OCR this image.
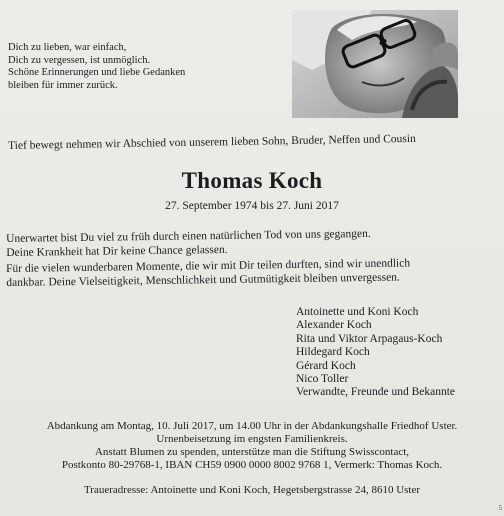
Dich zu lieben, war einfach,
Dich zu vergessen, ist unmöglich.
Schöne Erinnerungen und liebe Gedanken
bleiben für immer zurück.
Tief bewegt nehmen wir Abschied von unserem lieben Sohn, Bruder, Neffen und Cousin
Thomas Koch
27. September 1974 bis 27. Juni 2017
Unerwartet bist Du viel zu früh durch einen natürlichen Tod von uns gegangen.
Deine Krankheit hat Dir keine Chance gelassen.
Für die vielen wunderbaren Momente, die wir mit Dir teilen durften, sind wir unendlich
dankbar. Deine Vielseitigkeit, Menschlichkeit und Gutmütigkeit bleiben unvergessen.
Antoinette und Koni Koch
Alexander Koch
Rita und Viktor Arpagaus-Koch
Hildegard Koch
Gérard Koch
Nico Toller
Verwandte, Freunde und Bekannte
Abdankung am Montag, 10. Juli 2017, um 14.00 Uhr in der Abdankungshalle Friedhof Uster.
Urnenbeisetzung im engsten Familienkreis.
Anstatt Blumen zu spenden, unterstütze man die Stiftung Swisscontact,
Postkonto 80-29768-1, IBAN CH59 0900 0000 8002 9768 1, Vermerk: Thomas Koch.
Traueradresse: Antoinette und Koni Koch, Hegetsbergstrasse 24, 8610 Uster
5
